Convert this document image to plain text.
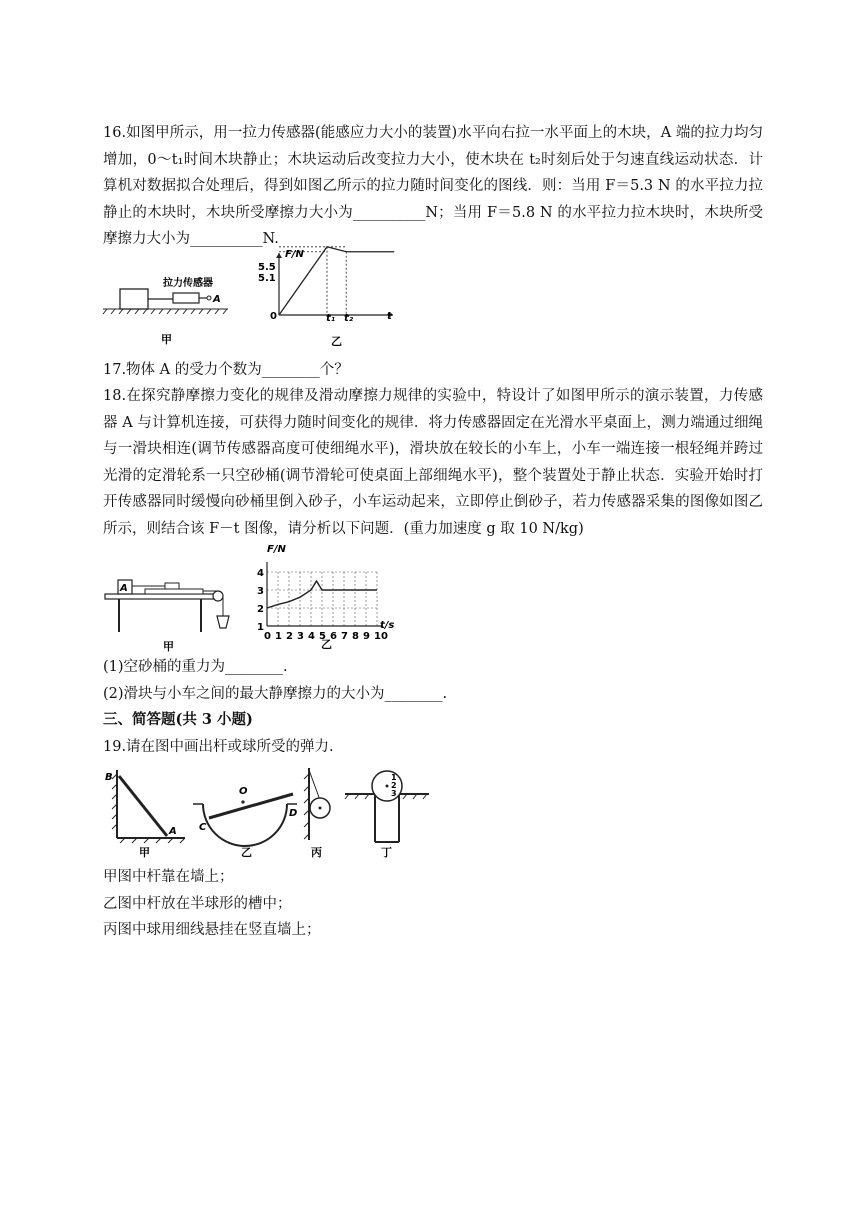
16.如图甲所示，用一拉力传感器(能感应力大小的装置)水平向右拉一水平面上的木块，A 端的拉力均匀增加，0～t₁时间木块静止；木块运动后改变拉力大小，使木块在 t₂时刻后处于匀速直线运动状态．计算机对数据拟合处理后，得到如图乙所示的拉力随时间变化的图线．则：当用 F＝5.3 N 的水平拉力拉静止的木块时，木块所受摩擦力大小为__________N；当用 F＝5.8 N 的水平拉力拉木块时，木块所受摩擦力大小为__________N.

拉力传感器
A
甲
F/N
t
0
5.5
5.1
t₁ t₂
乙

17.物体 A 的受力个数为________个？

18.在探究静摩擦力变化的规律及滑动摩擦力规律的实验中，特设计了如图甲所示的演示装置，力传感器 A 与计算机连接，可获得力随时间变化的规律．将力传感器固定在光滑水平桌面上，测力端通过细绳与一滑块相连(调节传感器高度可使细绳水平)，滑块放在较长的小车上，小车一端连接一根轻绳并跨过光滑的定滑轮系一只空砂桶(调节滑轮可使桌面上部细绳水平)，整个装置处于静止状态．实验开始时打开传感器同时缓慢向砂桶里倒入砂子，小车运动起来，立即停止倒砂子，若力传感器采集的图像如图乙所示，则结合该 F－t 图像，请分析以下问题．(重力加速度 g 取 10 N/kg)

A
甲
F/N
t/s
1
2
3
4
0 1 2 3 4 5 6 7 8 9 10
乙

(1)空砂桶的重力为________.

(2)滑块与小车之间的最大静摩擦力的大小为________.

三、简答题(共 3 小题)

19.请在图中画出杆或球所受的弹力.

B
A
甲
O
C
D
乙	丙
1
2
3
丁

甲图中杆靠在墙上；

乙图中杆放在半球形的槽中；

丙图中球用细线悬挂在竖直墙上；
